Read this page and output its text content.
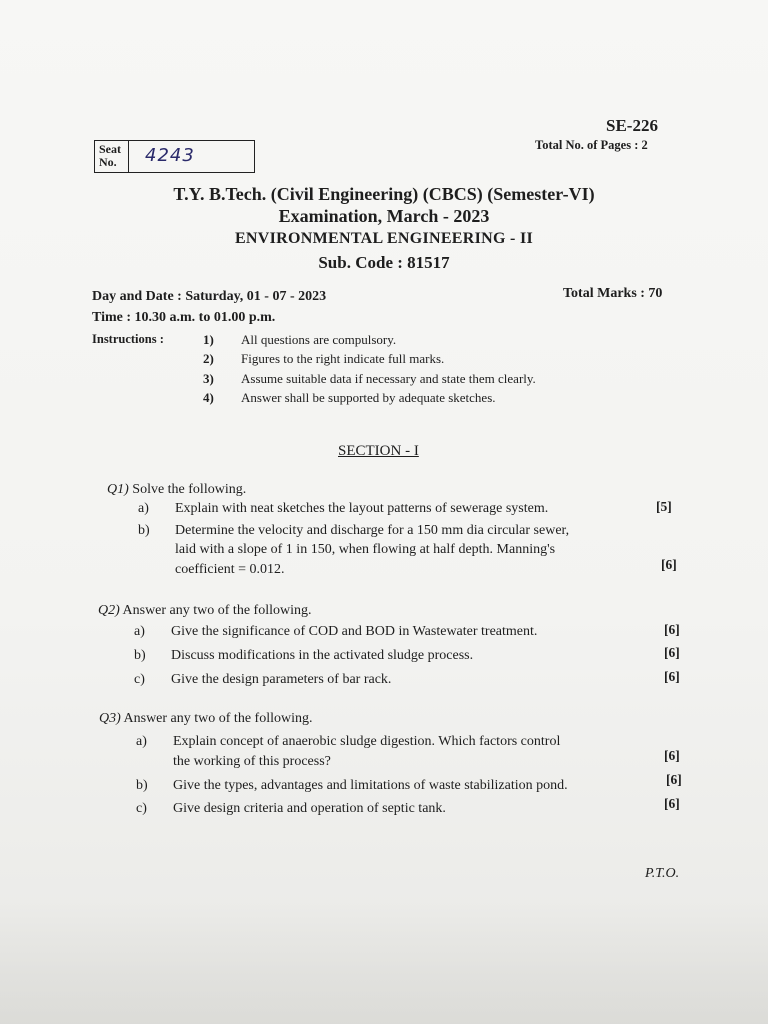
SE-226
Total No. of Pages : 2
Seat
No.	4243
T.Y. B.Tech. (Civil Engineering) (CBCS) (Semester-VI)
Examination, March - 2023
ENVIRONMENTAL ENGINEERING - II
Sub. Code : 81517
Day and Date : Saturday, 01 - 07 - 2023	Total Marks : 70
Time : 10.30 a.m. to 01.00 p.m.
Instructions :	1) All questions are compulsory.
2) Figures to the right indicate full marks.
3) Assume suitable data if necessary and state them clearly.
4) Answer shall be supported by adequate sketches.
SECTION - I
Q1) Solve the following.
a) Explain with neat sketches the layout patterns of sewerage system.	[5]
b) Determine the velocity and discharge for a 150 mm dia circular sewer,
laid with a slope of 1 in 150, when flowing at half depth. Manning's
coefficient = 0.012.	[6]
Q2) Answer any two of the following.
a) Give the significance of COD and BOD in Wastewater treatment.	[6]
b) Discuss modifications in the activated sludge process.	[6]
c) Give the design parameters of bar rack.	[6]
Q3) Answer any two of the following.
a) Explain concept of anaerobic sludge digestion. Which factors control
the working of this process?	[6]
b) Give the types, advantages and limitations of waste stabilization pond.	[6]
c) Give design criteria and operation of septic tank.	[6]
P.T.O.
